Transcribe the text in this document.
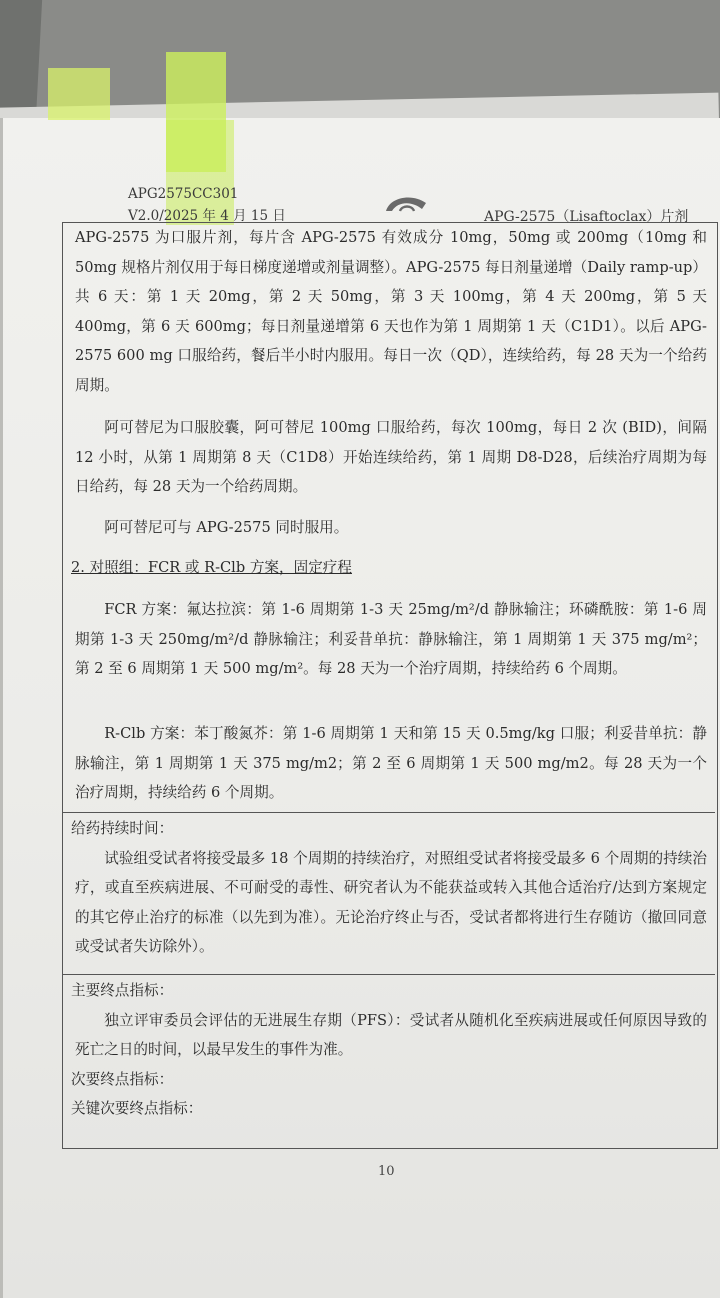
APG2575CC301
V2.0/2025 年 4 月 15 日	APG-2575（Lisaftoclax）片剂

APG-2575 为口服片剂，每片含 APG-2575 有效成分 10mg，50mg 或 200mg（10mg 和 50mg 规格片剂仅用于每日梯度递增或剂量调整）。APG-2575 每日剂量递增（Daily ramp-up）共 6 天：第 1 天 20mg，第 2 天 50mg，第 3 天 100mg，第 4 天 200mg，第 5 天 400mg，第 6 天 600mg；每日剂量递增第 6 天也作为第 1 周期第 1 天（C1D1）。以后 APG-2575 600 mg 口服给药，餐后半小时内服用。每日一次（QD），连续给药，每 28 天为一个给药周期。

阿可替尼为口服胶囊，阿可替尼 100mg 口服给药，每次 100mg，每日 2 次 (BID)，间隔 12 小时，从第 1 周期第 8 天（C1D8）开始连续给药，第 1 周期 D8-D28，后续治疗周期为每日给药，每 28 天为一个给药周期。

阿可替尼可与 APG-2575 同时服用。

2. 对照组：FCR 或 R-Clb 方案，固定疗程

FCR 方案：氟达拉滨：第 1-6 周期第 1-3 天 25mg/m²/d 静脉输注；环磷酰胺：第 1-6 周期第 1-3 天 250mg/m²/d 静脉输注；利妥昔单抗：静脉输注，第 1 周期第 1 天 375 mg/m²；第 2 至 6 周期第 1 天 500 mg/m²。每 28 天为一个治疗周期，持续给药 6 个周期。

R-Clb 方案：苯丁酸氮芥：第 1-6 周期第 1 天和第 15 天 0.5mg/kg 口服；利妥昔单抗：静脉输注，第 1 周期第 1 天 375 mg/m2；第 2 至 6 周期第 1 天 500 mg/m2。每 28 天为一个治疗周期，持续给药 6 个周期。

给药持续时间：

试验组受试者将接受最多 18 个周期的持续治疗，对照组受试者将接受最多 6 个周期的持续治疗，或直至疾病进展、不可耐受的毒性、研究者认为不能获益或转入其他合适治疗/达到方案规定的其它停止治疗的标准（以先到为准）。无论治疗终止与否，受试者都将进行生存随访（撤回同意或受试者失访除外）。

主要终点指标：

独立评审委员会评估的无进展生存期（PFS）：受试者从随机化至疾病进展或任何原因导致的死亡之日的时间，以最早发生的事件为准。

次要终点指标：

关键次要终点指标：

10
